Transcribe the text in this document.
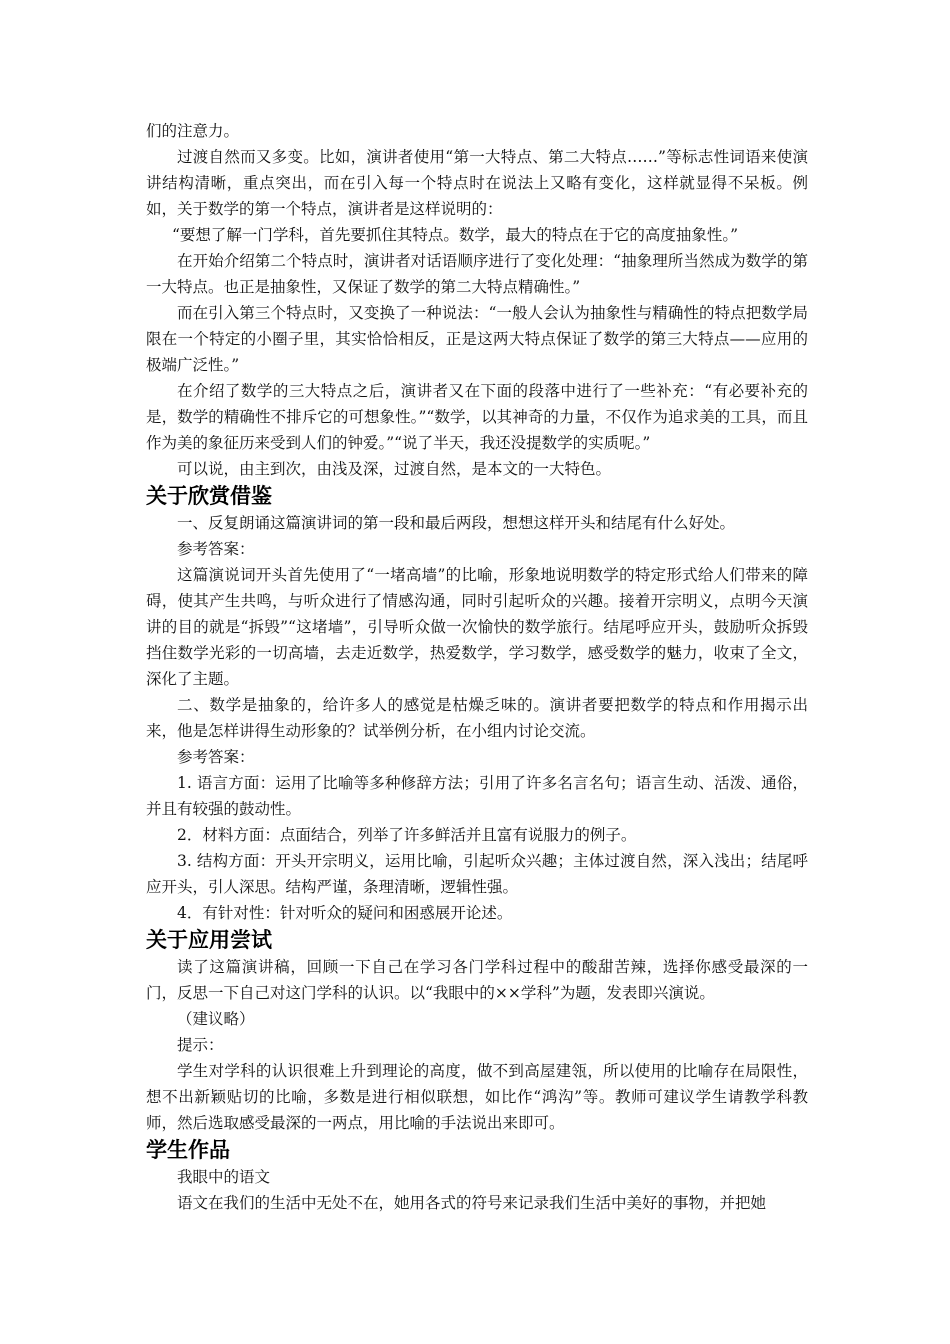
们的注意力。

过渡自然而又多变。比如，演讲者使用“第一大特点、第二大特点……”等标志性词语来使演讲结构清晰，重点突出，而在引入每一个特点时在说法上又略有变化，这样就显得不呆板。例如，关于数学的第一个特点，演讲者是这样说明的：

“要想了解一门学科，首先要抓住其特点。数学，最大的特点在于它的高度抽象性。”

在开始介绍第二个特点时，演讲者对话语顺序进行了变化处理：“抽象理所当然成为数学的第一大特点。也正是抽象性，又保证了数学的第二大特点精确性。”

而在引入第三个特点时，又变换了一种说法：“一般人会认为抽象性与精确性的特点把数学局限在一个特定的小圈子里，其实恰恰相反，正是这两大特点保证了数学的第三大特点——应用的极端广泛性。”

在介绍了数学的三大特点之后，演讲者又在下面的段落中进行了一些补充：“有必要补充的是，数学的精确性不排斥它的可想象性。”“数学，以其神奇的力量，不仅作为追求美的工具，而且作为美的象征历来受到人们的钟爱。”“说了半天，我还没提数学的实质呢。”

可以说，由主到次，由浅及深，过渡自然，是本文的一大特色。

关于欣赏借鉴

一、反复朗诵这篇演讲词的第一段和最后两段，想想这样开头和结尾有什么好处。

参考答案：

这篇演说词开头首先使用了“一堵高墙”的比喻，形象地说明数学的特定形式给人们带来的障碍，使其产生共鸣，与听众进行了情感沟通，同时引起听众的兴趣。接着开宗明义，点明今天演讲的目的就是“拆毁”“这堵墙”，引导听众做一次愉快的数学旅行。结尾呼应开头，鼓励听众拆毁挡住数学光彩的一切高墙，去走近数学，热爱数学，学习数学，感受数学的魅力，收束了全文，深化了主题。

二、数学是抽象的，给许多人的感觉是枯燥乏味的。演讲者要把数学的特点和作用揭示出来，他是怎样讲得生动形象的？试举例分析，在小组内讨论交流。

参考答案：

1. 语言方面：运用了比喻等多种修辞方法；引用了许多名言名句；语言生动、活泼、通俗，并且有较强的鼓动性。

2．材料方面：点面结合，列举了许多鲜活并且富有说服力的例子。

3. 结构方面：开头开宗明义，运用比喻，引起听众兴趣；主体过渡自然，深入浅出；结尾呼应开头，引人深思。结构严谨，条理清晰，逻辑性强。

4．有针对性：针对听众的疑问和困惑展开论述。

关于应用尝试

读了这篇演讲稿，回顾一下自己在学习各门学科过程中的酸甜苦辣，选择你感受最深的一门，反思一下自己对这门学科的认识。以“我眼中的××学科”为题，发表即兴演说。

（建议略）

提示：

学生对学科的认识很难上升到理论的高度，做不到高屋建瓴，所以使用的比喻存在局限性，想不出新颖贴切的比喻，多数是进行相似联想，如比作“鸿沟”等。教师可建议学生请教学科教师，然后选取感受最深的一两点，用比喻的手法说出来即可。

学生作品

我眼中的语文

语文在我们的生活中无处不在，她用各式的符号来记录我们生活中美好的事物，并把她
